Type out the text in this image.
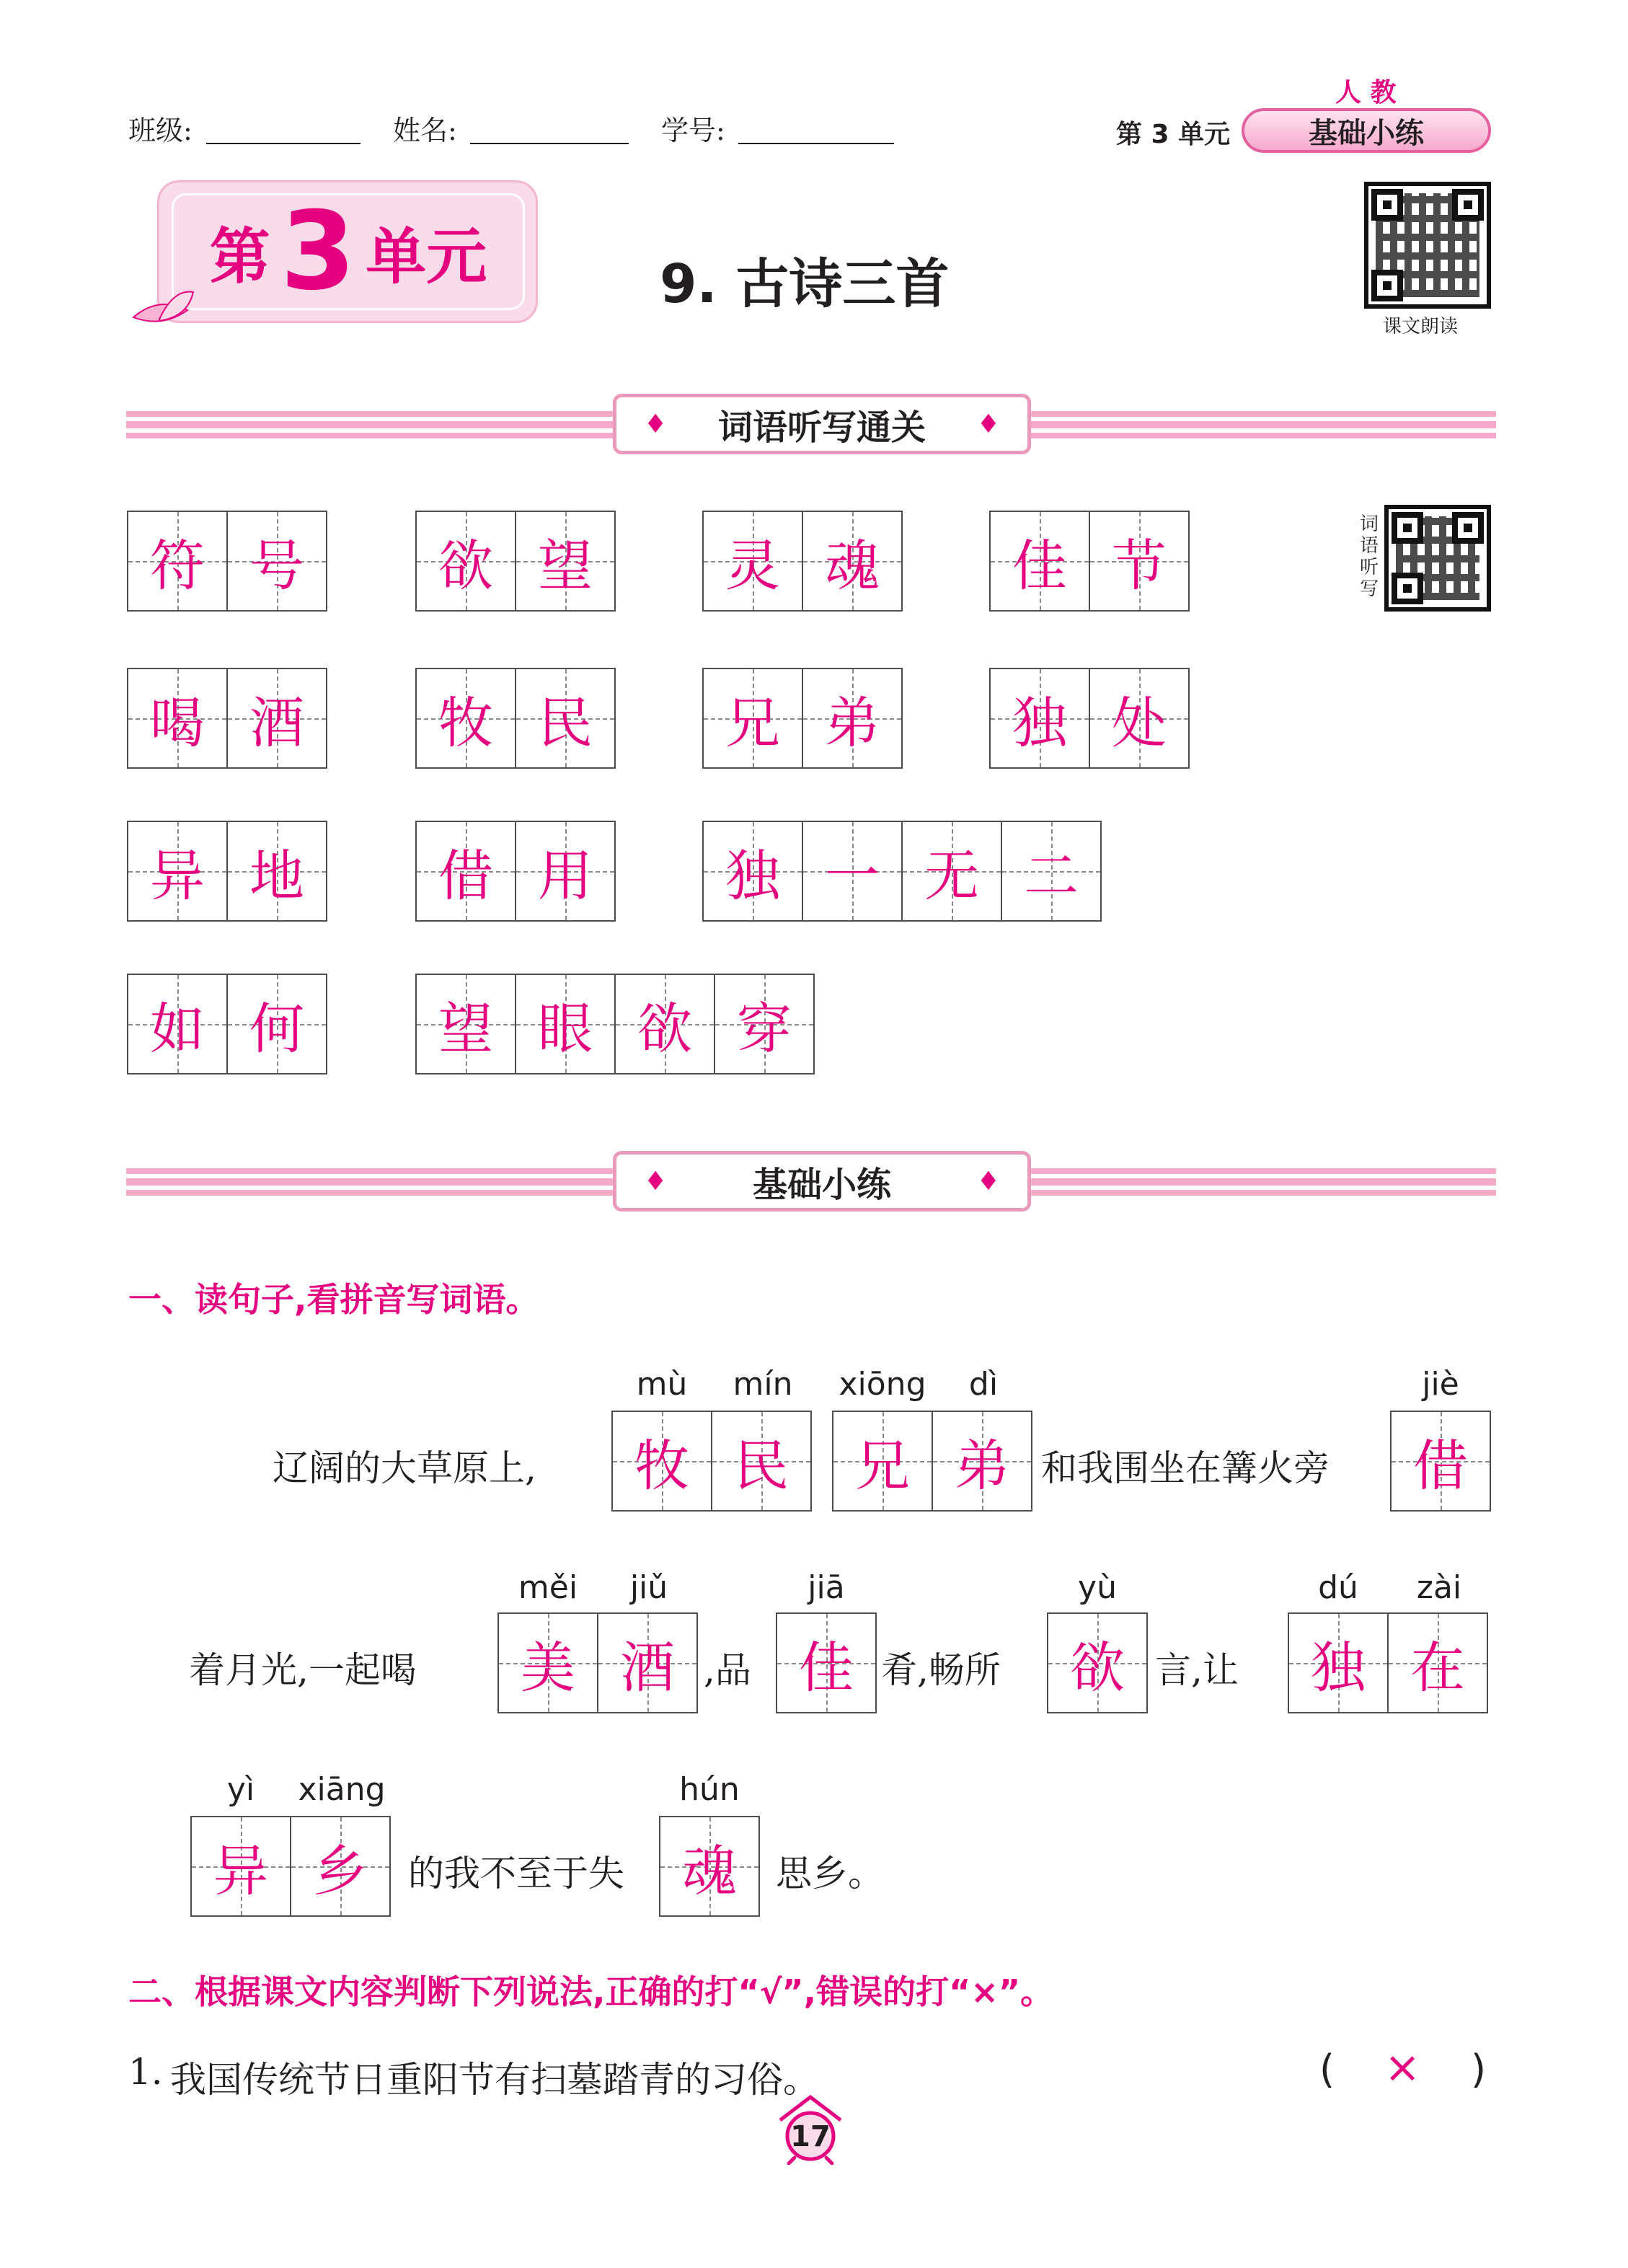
班级:	姓名:	学号:	第 3 单元
人 教
基础小练
第 3 单元	9. 古诗三首
课文朗读
词语听写
♦ 词语听写通关 ♦
符 号 欲 望 灵 魂 佳 节
喝 酒 牧 民 兄 弟 独 处
异 地 借 用 独 一 无 二
如 何 望 眼 欲 穿
♦ 基础小练	♦
一、读句子,看拼音写词语。
辽阔的大草原上,
mù	mín
牧 民
xiōng	dì
兄 弟 和我围坐在篝火旁
jiè
借
着月光,一起喝
měi	jiǔ
美 酒 ,品
jiā
佳 肴,畅所
yù
欲 言,让
dú	zài
独 在
yì	xiāng
异 乡 的我不至于失
hún
魂 思乡。
二、根据课文内容判断下列说法,正确的打“√”,错误的打“×”。
1. 我国传统节日重阳节有扫墓踏青的习俗。	( × )
17
